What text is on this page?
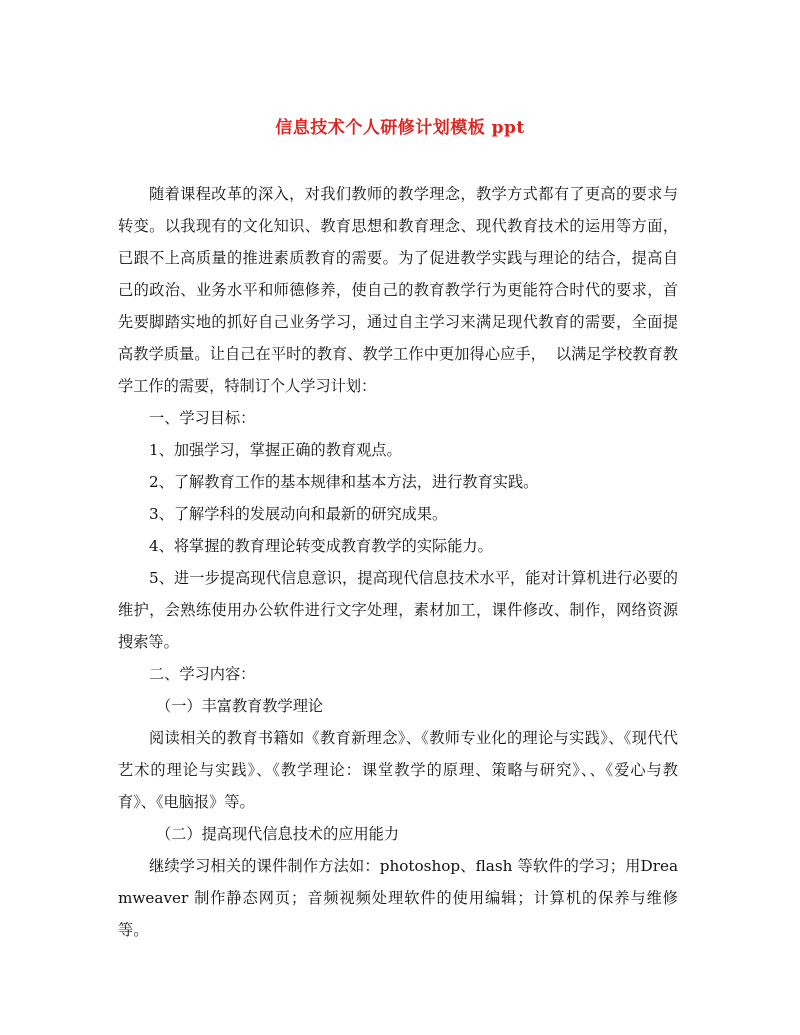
信息技术个人研修计划模板 ppt

随着课程改革的深入，对我们教师的教学理念，教学方式都有了更高的要求与转变。以我现有的文化知识、教育思想和教育理念、现代教育技术的运用等方面，已跟不上高质量的推进素质教育的需要。为了促进教学实践与理论的结合，提高自己的政治、业务水平和师德修养，使自己的教育教学行为更能符合时代的要求，首先要脚踏实地的抓好自己业务学习，通过自主学习来满足现代教育的需要，全面提高教学质量。让自己在平时的教育、教学工作中更加得心应手，  以满足学校教育教学工作的需要，特制订个人学习计划：

一、学习目标：

1、加强学习，掌握正确的教育观点。

2、了解教育工作的基本规律和基本方法，进行教育实践。

3、了解学科的发展动向和最新的研究成果。

4、将掌握的教育理论转变成教育教学的实际能力。

5、进一步提高现代信息意识，提高现代信息技术水平，能对计算机进行必要的维护，会熟练使用办公软件进行文字处理，素材加工，课件修改、制作，网络资源搜索等。

二、学习内容：

（一）丰富教育教学理论

阅读相关的教育书籍如《教育新理念》、《教师专业化的理论与实践》、《现代代艺术的理论与实践》、《教学理论：课堂教学的原理、策略与研究》、、《爱心与教育》、《电脑报》等。

（二）提高现代信息技术的应用能力

继续学习相关的课件制作方法如：photoshop、flash 等软件的学习；用Dreamweaver 制作静态网页；音频视频处理软件的使用编辑；计算机的保养与维修等。
